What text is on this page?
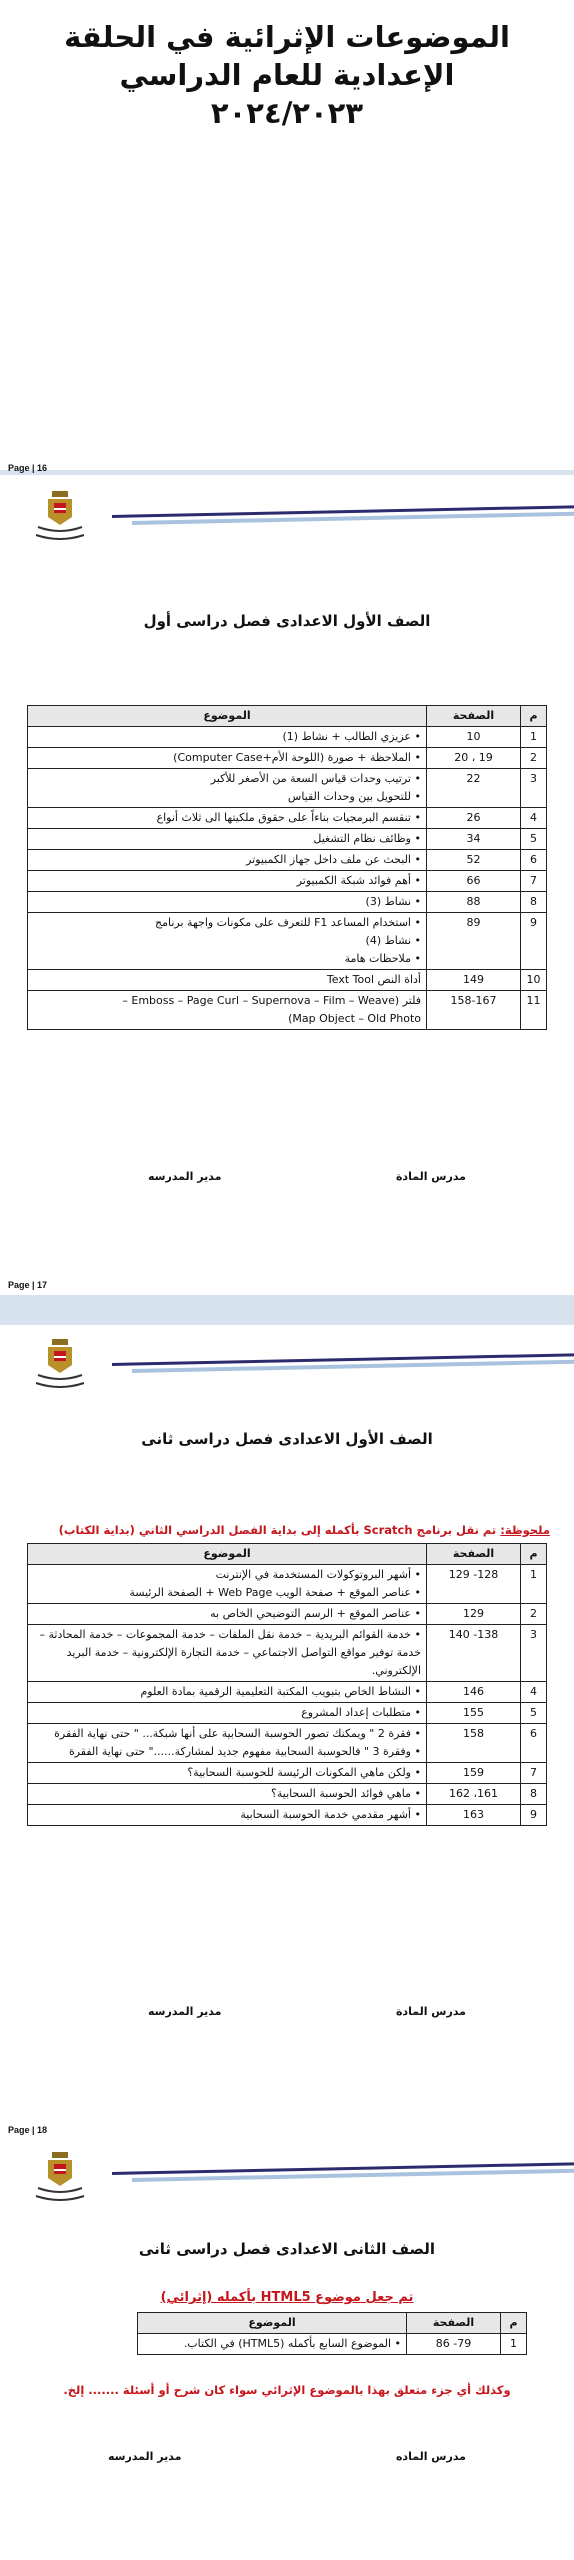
الموضوعات الإثرائية في الحلقة
الإعدادية للعام الدراسي
٢٠٢٤/٢٠٢٣
Page | 16
الصف الأول الاعدادى فصل دراسى أول
م	الصفحة	الموضوع
1	10	• عزيزي الطالب + نشاط (1)

2	19 ، 20	• الملاحظة + صورة (اللوحة الأم+Computer Case)

3	22	• ترتيب وحدات قياس السعة من الأصغر للأكبر
• للتحويل بين وحدات القياس

4	26	• تنقسم البرمجيات بناءاً على حقوق ملكيتها الى ثلاث أنواع

5	34	• وظائف نظام التشغيل

6	52	• البحث عن ملف داخل جهاز الكمبيوتر

7	66	• أهم فوائد شبكة الكمبيوتر

8	88	• نشاط (3)

9	89	• استخدام المساعد F1 للتعرف على مكونات واجهة برنامج
• نشاط (4)
• ملاحظات هامة

10	149	أداة النص Text Tool
11	158-167	فلتر (Emboss – Page Curl – Supernova – Film – Weave –
Map Object – Old Photo)
مدرس المادة
مدير المدرسه
Page | 17
الصف الأول الاعدادى فصل دراسى ثانى
ملحوظة: تم نقل برنامج Scratch بأكمله إلى بداية الفصل الدراسي الثاني (بداية الكتاب)
م	الصفحة	الموضوع
1	128- 129	• أشهر البروتوكولات المستخدمة في الإنترنت
• عناصر الموقع + صفحة الويب Web Page + الصفحة الرئيسة

2	129	• عناصر الموقع + الرسم التوضيحي الخاص به

3	138- 140	• خدمة القوائم البريدية – خدمة نقل الملفات – خدمة المجموعات – خدمة المحادثة – خدمة توفير مواقع التواصل الاجتماعي – خدمة التجارة الإلكترونية – خدمة البريد الإلكتروني.

4	146	• النشاط الخاص بتبويب المكتبة التعليمية الرقمية بمادة العلوم

5	155	• متطلبات إعداد المشروع

6	158	• فقرة 2 " ويمكنك تصور الحوسبة السحابية على أنها شبكة... " حتى نهاية الفقرة
• وفقرة 3 " فالحوسبة السحابية مفهوم جديد لمشاركة......" حتى نهاية الفقرة

7	159	• ولكن ماهي المكونات الرئيسة للحوسبة السحابية؟

8	161، 162	• ماهي فوائد الحوسبة السحابية؟

9	163	• أشهر مقدمي خدمة الحوسبة السحابية
مدرس المادة
مدير المدرسه
Page | 18
الصف الثانى الاعدادى فصل دراسى ثانى
تم جعل موضوع HTML5 بأكمله (إثرائي)
م	الصفحة	الموضوع
1	79- 86	• الموضوع السابع بأكمله (HTML5) في الكتاب.
وكذلك أي جزء متعلق بهذا بالموضوع الإثرائي سواء كان شرح أو أسئلة ....... إلخ.
مدرس الماده
مدير المدرسه
